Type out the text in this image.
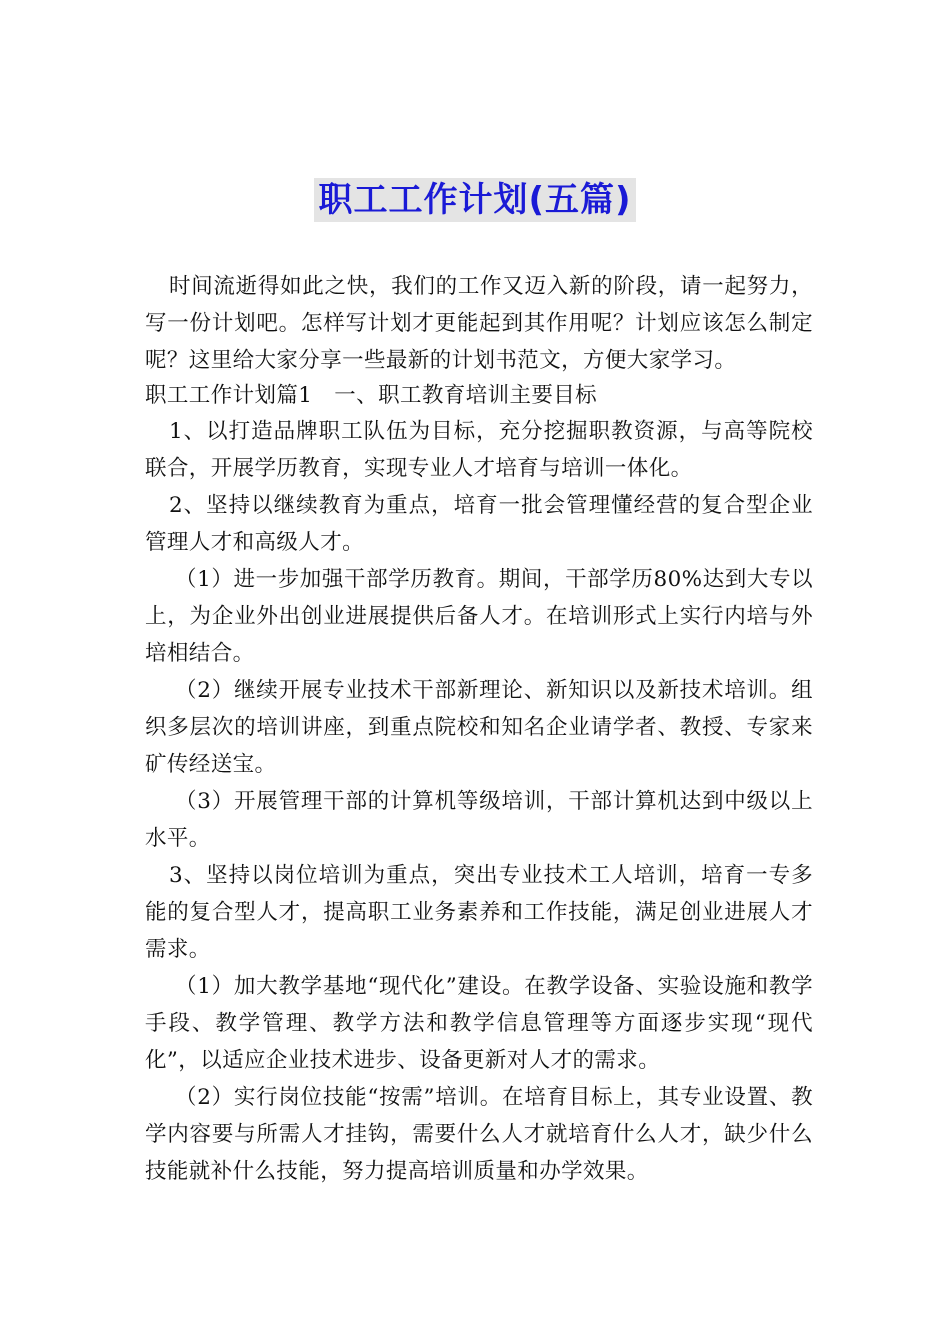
职工工作计划(五篇)

时间流逝得如此之快，我们的工作又迈入新的阶段，请一起努力，写一份计划吧。怎样写计划才更能起到其作用呢？计划应该怎么制定呢？这里给大家分享一些最新的计划书范文，方便大家学习。

职工工作计划篇1　一、职工教育培训主要目标

1、以打造品牌职工队伍为目标，充分挖掘职教资源，与高等院校联合，开展学历教育，实现专业人才培育与培训一体化。

2、坚持以继续教育为重点，培育一批会管理懂经营的复合型企业管理人才和高级人才。

（1）进一步加强干部学历教育。期间，干部学历80%达到大专以上，为企业外出创业进展提供后备人才。在培训形式上实行内培与外培相结合。

（2）继续开展专业技术干部新理论、新知识以及新技术培训。组织多层次的培训讲座，到重点院校和知名企业请学者、教授、专家来矿传经送宝。

（3）开展管理干部的计算机等级培训，干部计算机达到中级以上水平。

3、坚持以岗位培训为重点，突出专业技术工人培训，培育一专多能的复合型人才，提高职工业务素养和工作技能，满足创业进展人才需求。

（1）加大教学基地“现代化”建设。在教学设备、实验设施和教学手段、教学管理、教学方法和教学信息管理等方面逐步实现“现代化”，以适应企业技术进步、设备更新对人才的需求。

（2）实行岗位技能“按需”培训。在培育目标上，其专业设置、教学内容要与所需人才挂钩，需要什么人才就培育什么人才，缺少什么技能就补什么技能，努力提高培训质量和办学效果。
